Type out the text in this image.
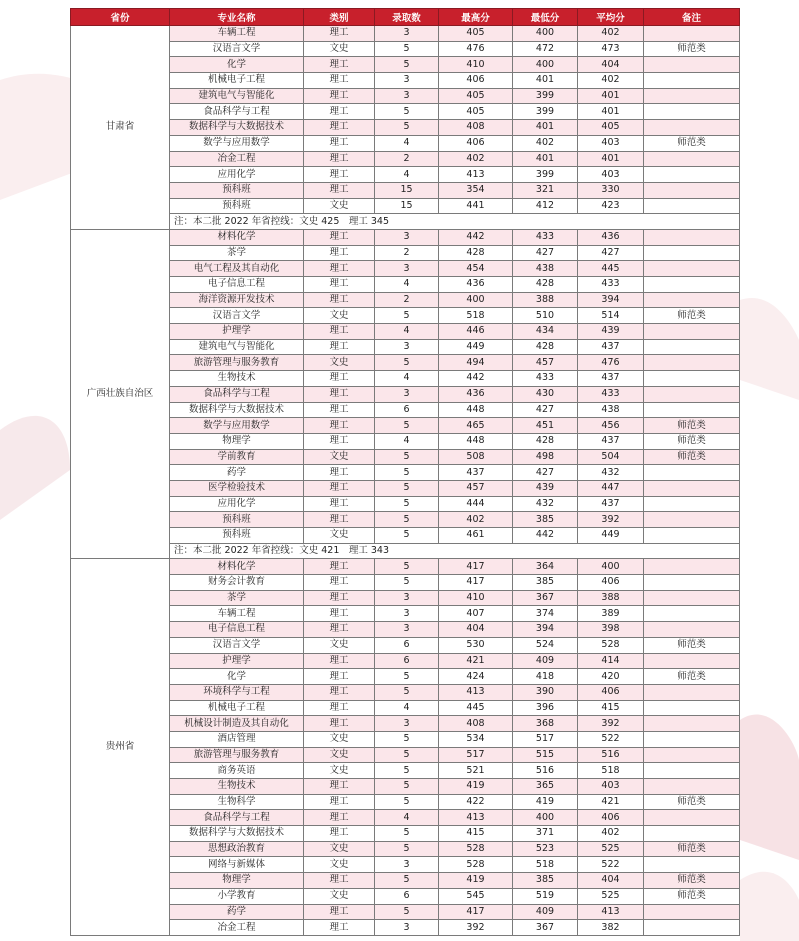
省份	专业名称	类别	录取数	最高分	最低分	平均分	备注
甘肃省	车辆工程	理工	3	405	400	402	
	汉语言文学	文史	5	476	472	473	师范类
	化学	理工	5	410	400	404	
	机械电子工程	理工	3	406	401	402	
	建筑电气与智能化	理工	3	405	399	401	
	食品科学与工程	理工	5	405	399	401	
	数据科学与大数据技术	理工	5	408	401	405	
	数学与应用数学	理工	4	406	402	403	师范类
	冶金工程	理工	2	402	401	401	
	应用化学	理工	4	413	399	403	
	预科班	理工	15	354	321	330	
	预科班	文史	15	441	412	423	
	注：本二批 2022 年省控线：文史 425　理工 345						
广西壮族自治区	材料化学	理工	3	442	433	436	
	茶学	理工	2	428	427	427	
	电气工程及其自动化	理工	3	454	438	445	
	电子信息工程	理工	4	436	428	433	
	海洋资源开发技术	理工	2	400	388	394	
	汉语言文学	文史	5	518	510	514	师范类
	护理学	理工	4	446	434	439	
	建筑电气与智能化	理工	3	449	428	437	
	旅游管理与服务教育	文史	5	494	457	476	
	生物技术	理工	4	442	433	437	
	食品科学与工程	理工	3	436	430	433	
	数据科学与大数据技术	理工	6	448	427	438	
	数学与应用数学	理工	5	465	451	456	师范类
	物理学	理工	4	448	428	437	师范类
	学前教育	文史	5	508	498	504	师范类
	药学	理工	5	437	427	432	
	医学检验技术	理工	5	457	439	447	
	应用化学	理工	5	444	432	437	
	预科班	理工	5	402	385	392	
	预科班	文史	5	461	442	449	
	注：本二批 2022 年省控线：文史 421　理工 343						
贵州省	材料化学	理工	5	417	364	400	
	财务会计教育	理工	5	417	385	406	
	茶学	理工	3	410	367	388	
	车辆工程	理工	3	407	374	389	
	电子信息工程	理工	3	404	394	398	
	汉语言文学	文史	6	530	524	528	师范类
	护理学	理工	6	421	409	414	
	化学	理工	5	424	418	420	师范类
	环境科学与工程	理工	5	413	390	406	
	机械电子工程	理工	4	445	396	415	
	机械设计制造及其自动化	理工	3	408	368	392	
	酒店管理	文史	5	534	517	522	
	旅游管理与服务教育	文史	5	517	515	516	
	商务英语	文史	5	521	516	518	
	生物技术	理工	5	419	365	403	
	生物科学	理工	5	422	419	421	师范类
	食品科学与工程	理工	4	413	400	406	
	数据科学与大数据技术	理工	5	415	371	402	
	思想政治教育	文史	5	528	523	525	师范类
	网络与新媒体	文史	3	528	518	522	
	物理学	理工	5	419	385	404	师范类
	小学教育	文史	6	545	519	525	师范类
	药学	理工	5	417	409	413	
	冶金工程	理工	3	392	367	382	
